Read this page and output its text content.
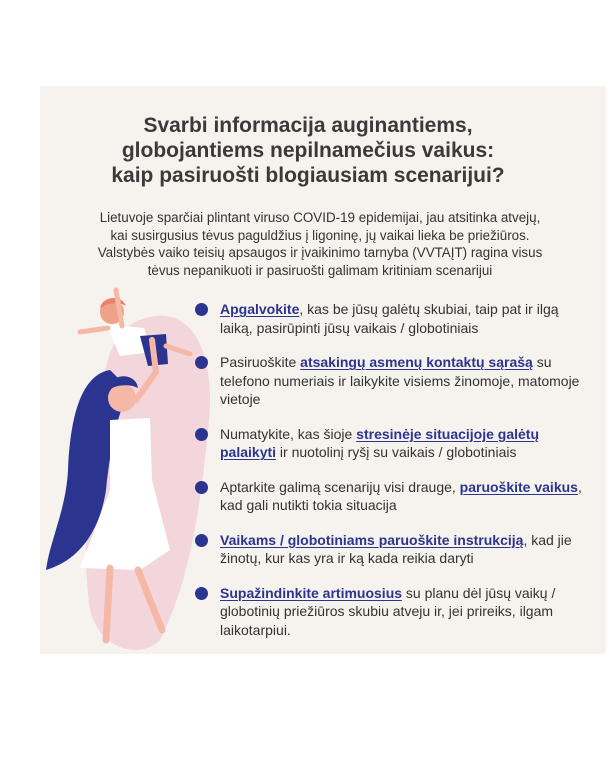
Svarbi informacija auginantiems,
globojantiems nepilnamečius vaikus:
kaip pasiruošti blogiausiam scenarijui?
Lietuvoje sparčiai plintant viruso COVID-19 epidemijai, jau atsitinka atvejų,
kai susirgusius tėvus paguldžius į ligoninę, jų vaikai lieka be priežiūros.
Valstybės vaiko teisių apsaugos ir įvaikinimo tarnyba (VVTAĮT) ragina visus
tėvus nepanikuoti ir pasiruošti galimam kritiniam scenarijui
Apgalvokite, kas be jūsų galėtų skubiai, taip pat ir ilgą laiką, pasirūpinti jūsų vaikais / globotiniais
Pasiruoškite atsakingų asmenų kontaktų sąrašą su telefono numeriais ir laikykite visiems žinomoje, matomoje vietoje
Numatykite, kas šioje stresinėje situacijoje galėtų palaikyti ir nuotolinį ryšį su vaikais / globotiniais
Aptarkite galimą scenarijų visi drauge, paruoškite vaikus, kad gali nutikti tokia situacija
Vaikams / globotiniams paruoškite instrukciją, kad jie žinotų, kur kas yra ir ką kada reikia daryti
Supažindinkite artimuosius su planu dėl jūsų vaikų / globotinių priežiūros skubiu atveju ir, jei prireiks, ilgam laikotarpiui.
